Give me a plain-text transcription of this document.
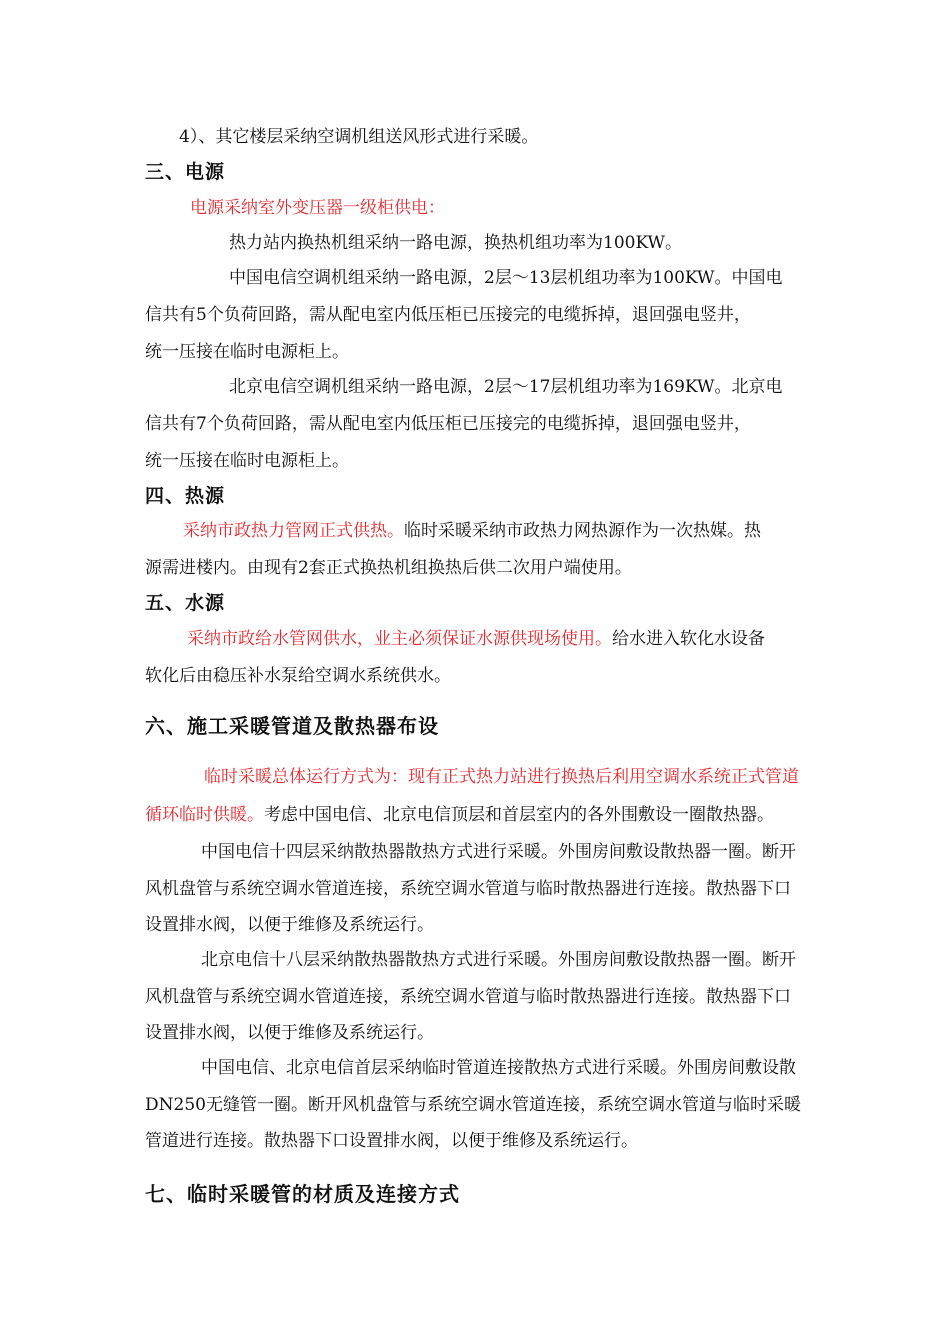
4）、其它楼层采纳空调机组送风形式进行采暖。
三、电源
电源采纳室外变压器一级柜供电：
热力站内换热机组采纳一路电源，换热机组功率为100KW。
中国电信空调机组采纳一路电源，2层～13层机组功率为100KW。中国电
信共有5个负荷回路，需从配电室内低压柜已压接完的电缆拆掉，退回强电竖井，
统一压接在临时电源柜上。
北京电信空调机组采纳一路电源，2层～17层机组功率为169KW。北京电
信共有7个负荷回路，需从配电室内低压柜已压接完的电缆拆掉，退回强电竖井，
统一压接在临时电源柜上。
四、热源
采纳市政热力管网正式供热。临时采暖采纳市政热力网热源作为一次热媒。热
源需进楼内。由现有2套正式换热机组换热后供二次用户端使用。
五、水源
采纳市政给水管网供水，业主必须保证水源供现场使用。给水进入软化水设备
软化后由稳压补水泵给空调水系统供水。
六、施工采暖管道及散热器布设
临时采暖总体运行方式为：现有正式热力站进行换热后利用空调水系统正式管道
循环临时供暖。考虑中国电信、北京电信顶层和首层室内的各外围敷设一圈散热器。
中国电信十四层采纳散热器散热方式进行采暖。外围房间敷设散热器一圈。断开
风机盘管与系统空调水管道连接，系统空调水管道与临时散热器进行连接。散热器下口
设置排水阀，以便于维修及系统运行。
北京电信十八层采纳散热器散热方式进行采暖。外围房间敷设散热器一圈。断开
风机盘管与系统空调水管道连接，系统空调水管道与临时散热器进行连接。散热器下口
设置排水阀，以便于维修及系统运行。
中国电信、北京电信首层采纳临时管道连接散热方式进行采暖。外围房间敷设散
DN250无缝管一圈。断开风机盘管与系统空调水管道连接，系统空调水管道与临时采暖
管道进行连接。散热器下口设置排水阀，以便于维修及系统运行。
七、临时采暖管的材质及连接方式
